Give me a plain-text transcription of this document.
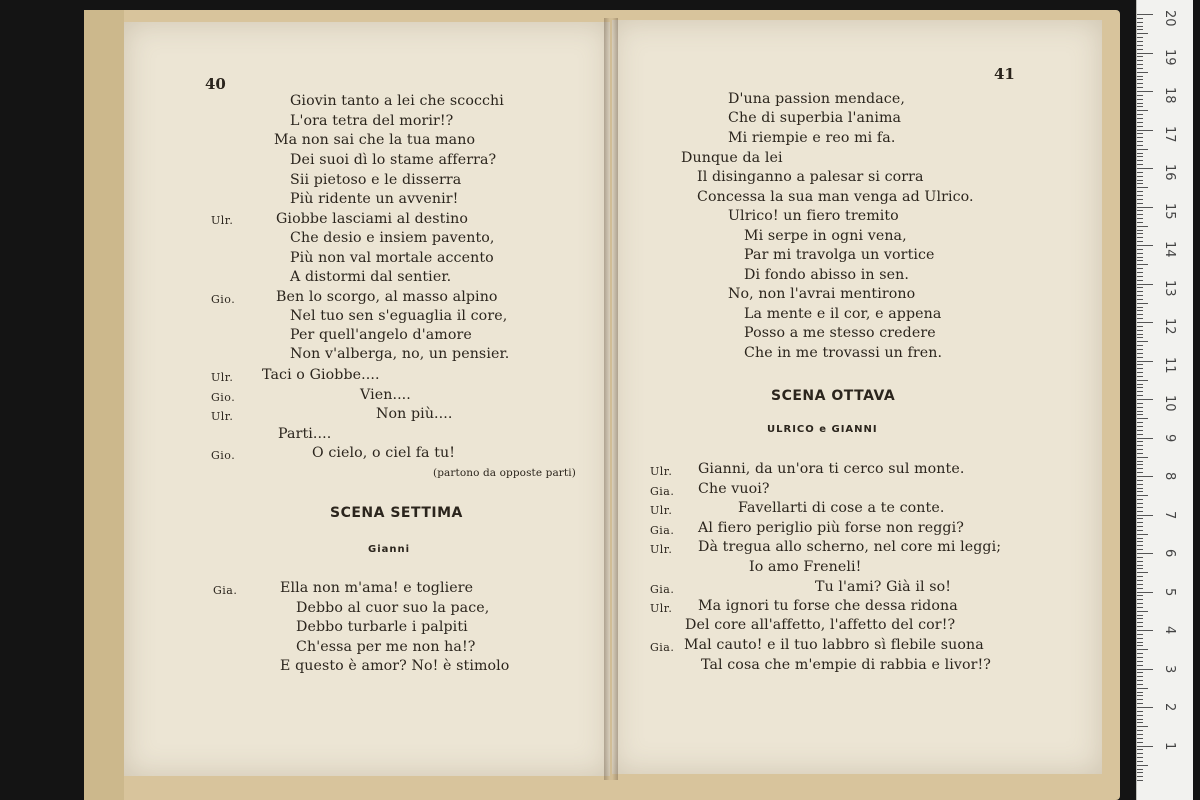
40
Giovin tanto a lei che scocchi
L'ora tetra del morir!?
Ma non sai che la tua mano
Dei suoi dì lo stame afferra?
Sii pietoso e le disserra
Più ridente un avvenir!
Ulr.	Giobbe lasciami al destino
Che desio e insiem pavento,
Più non val mortale accento
A distormi dal sentier.
Gio.	Ben lo scorgo, al masso alpino
Nel tuo sen s'eguaglia il core,
Per quell'angelo d'amore
Non v'alberga, no, un pensier.
Ulr. Taci o Giobbe....
Gio.	Vien....
Ulr.	Non più....
Parti....
Gio.	O cielo, o ciel fa tu!
(partono da opposte parti)
SCENA SETTIMA
Gianni
Gia.	Ella non m'ama! e togliere
Debbo al cuor suo la pace,
Debbo turbarle i palpiti
Ch'essa per me non ha!?
E questo è amor? No! è stimolo
41
D'una passion mendace,
Che di superbia l'anima
Mi riempie e reo mi fa.
Dunque da lei
Il disinganno a palesar si corra
Concessa la sua man venga ad Ulrico.
Ulrico! un fiero tremito
Mi serpe in ogni vena,
Par mi travolga un vortice
Di fondo abisso in sen.
No, non l'avrai mentirono
La mente e il cor, e appena
Posso a me stesso credere
Che in me trovassi un fren.
SCENA OTTAVA
ULRICO e GIANNI
Ulr. Gianni, da un'ora ti cerco sul monte.
Gia. Che vuoi?
Ulr.	Favellarti di cose a te conte.
Gia. Al fiero periglio più forse non reggi?
Ulr. Dà tregua allo scherno, nel core mi leggi;
Io amo Freneli!
Gia.	Tu l'ami? Già il so!
Ulr. Ma ignori tu forse che dessa ridona
Del core all'affetto, l'affetto del cor!?
Gia. Mal cauto! e il tuo labbro sì flebile suona
Tal cosa che m'empie di rabbia e livor!?
20
19
18
17
16
15
14
13
12
11
10
9
8
7
6
5
4
3
2
1
